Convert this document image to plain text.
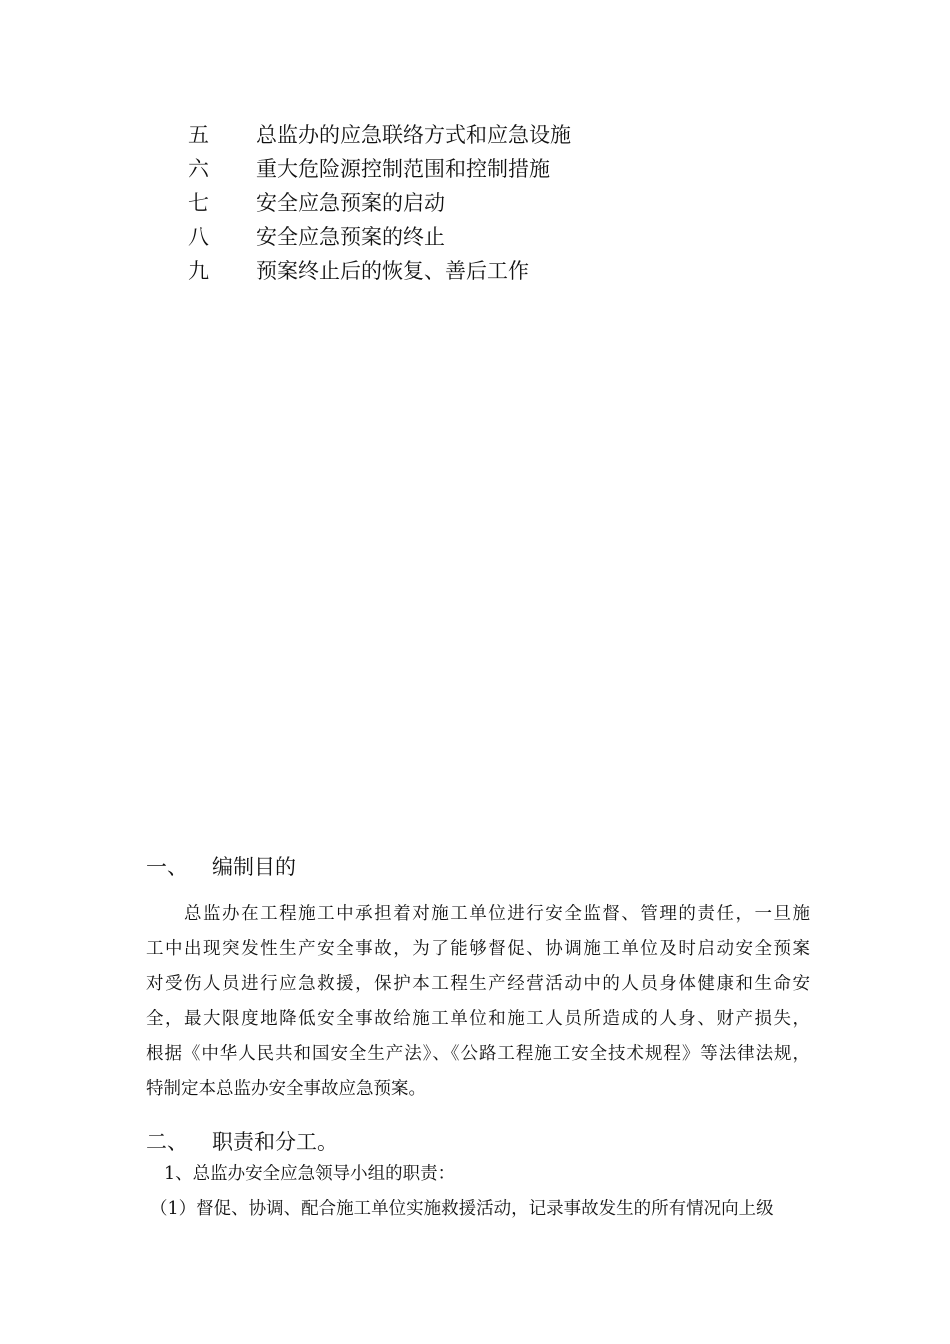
五	总监办的应急联络方式和应急设施
六	重大危险源控制范围和控制措施
七	安全应急预案的启动
八	安全应急预案的终止
九	预案终止后的恢复、善后工作
一、	编制目的
　　总监办在工程施工中承担着对施工单位进行安全监督、管理的责任，一旦施
工中出现突发性生产安全事故，为了能够督促、协调施工单位及时启动安全预案
对受伤人员进行应急救援，保护本工程生产经营活动中的人员身体健康和生命安
全，最大限度地降低安全事故给施工单位和施工人员所造成的人身、财产损失，
根据《中华人民共和国安全生产法》、《公路工程施工安全技术规程》等法律法规，
特制定本总监办安全事故应急预案。
二、	职责和分工。
1、总监办安全应急领导小组的职责：
（1）督促、协调、配合施工单位实施救援活动，记录事故发生的所有情况向上级
